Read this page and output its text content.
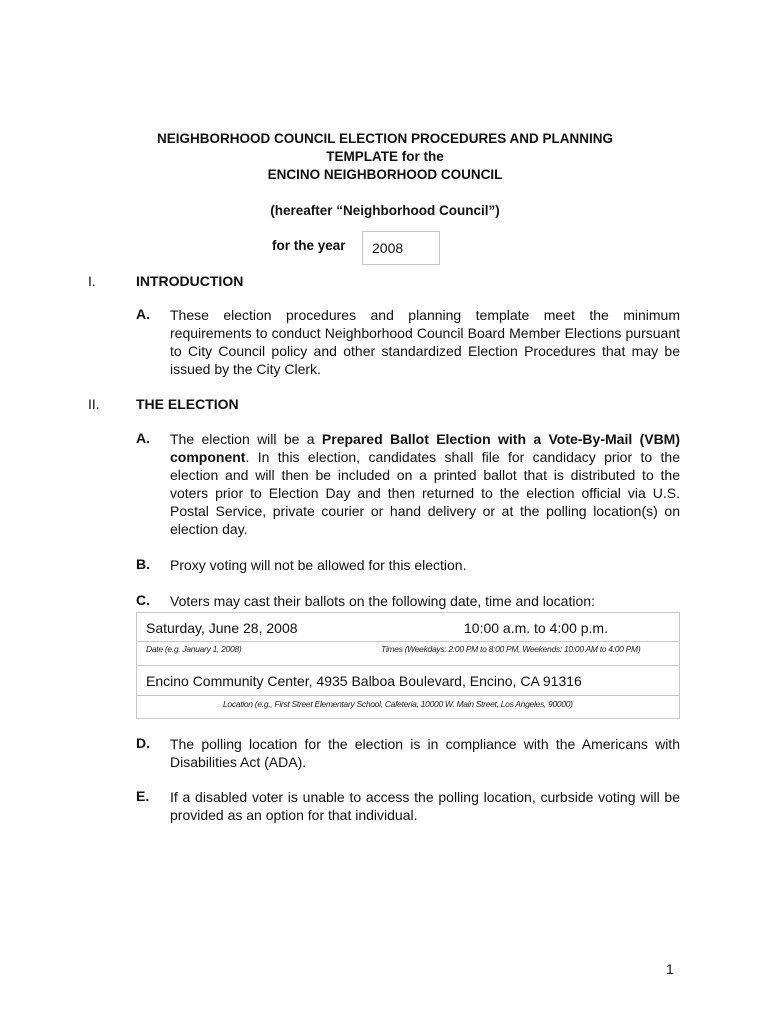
NEIGHBORHOOD COUNCIL ELECTION PROCEDURES AND PLANNING
TEMPLATE for the
ENCINO NEIGHBORHOOD COUNCIL
(hereafter “Neighborhood Council”)
for the year	2008
I.	INTRODUCTION
A. These election procedures and planning template meet the minimum requirements to conduct Neighborhood Council Board Member Elections pursuant to City Council policy and other standardized Election Procedures that may be issued by the City Clerk.
II.	THE ELECTION
A. The election will be a Prepared Ballot Election with a Vote-By-Mail (VBM) component. In this election, candidates shall file for candidacy prior to the election and will then be included on a printed ballot that is distributed to the voters prior to Election Day and then returned to the election official via U.S. Postal Service, private courier or hand delivery or at the polling location(s) on election day.
B. Proxy voting will not be allowed for this election.
C. Voters may cast their ballots on the following date, time and location:
Saturday, June 28, 2008	10:00 a.m. to 4:00 p.m.
Date (e.g. January 1, 2008)	Times (Weekdays: 2:00 PM to 8:00 PM, Weekends: 10:00 AM to 4:00 PM)
Encino Community Center, 4935 Balboa Boulevard, Encino, CA 91316
Location (e.g., First Street Elementary School, Cafeteria, 10000 W. Main Street, Los Angeles, 90000)
D. The polling location for the election is in compliance with the Americans with Disabilities Act (ADA).
E. If a disabled voter is unable to access the polling location, curbside voting will be provided as an option for that individual.
1
